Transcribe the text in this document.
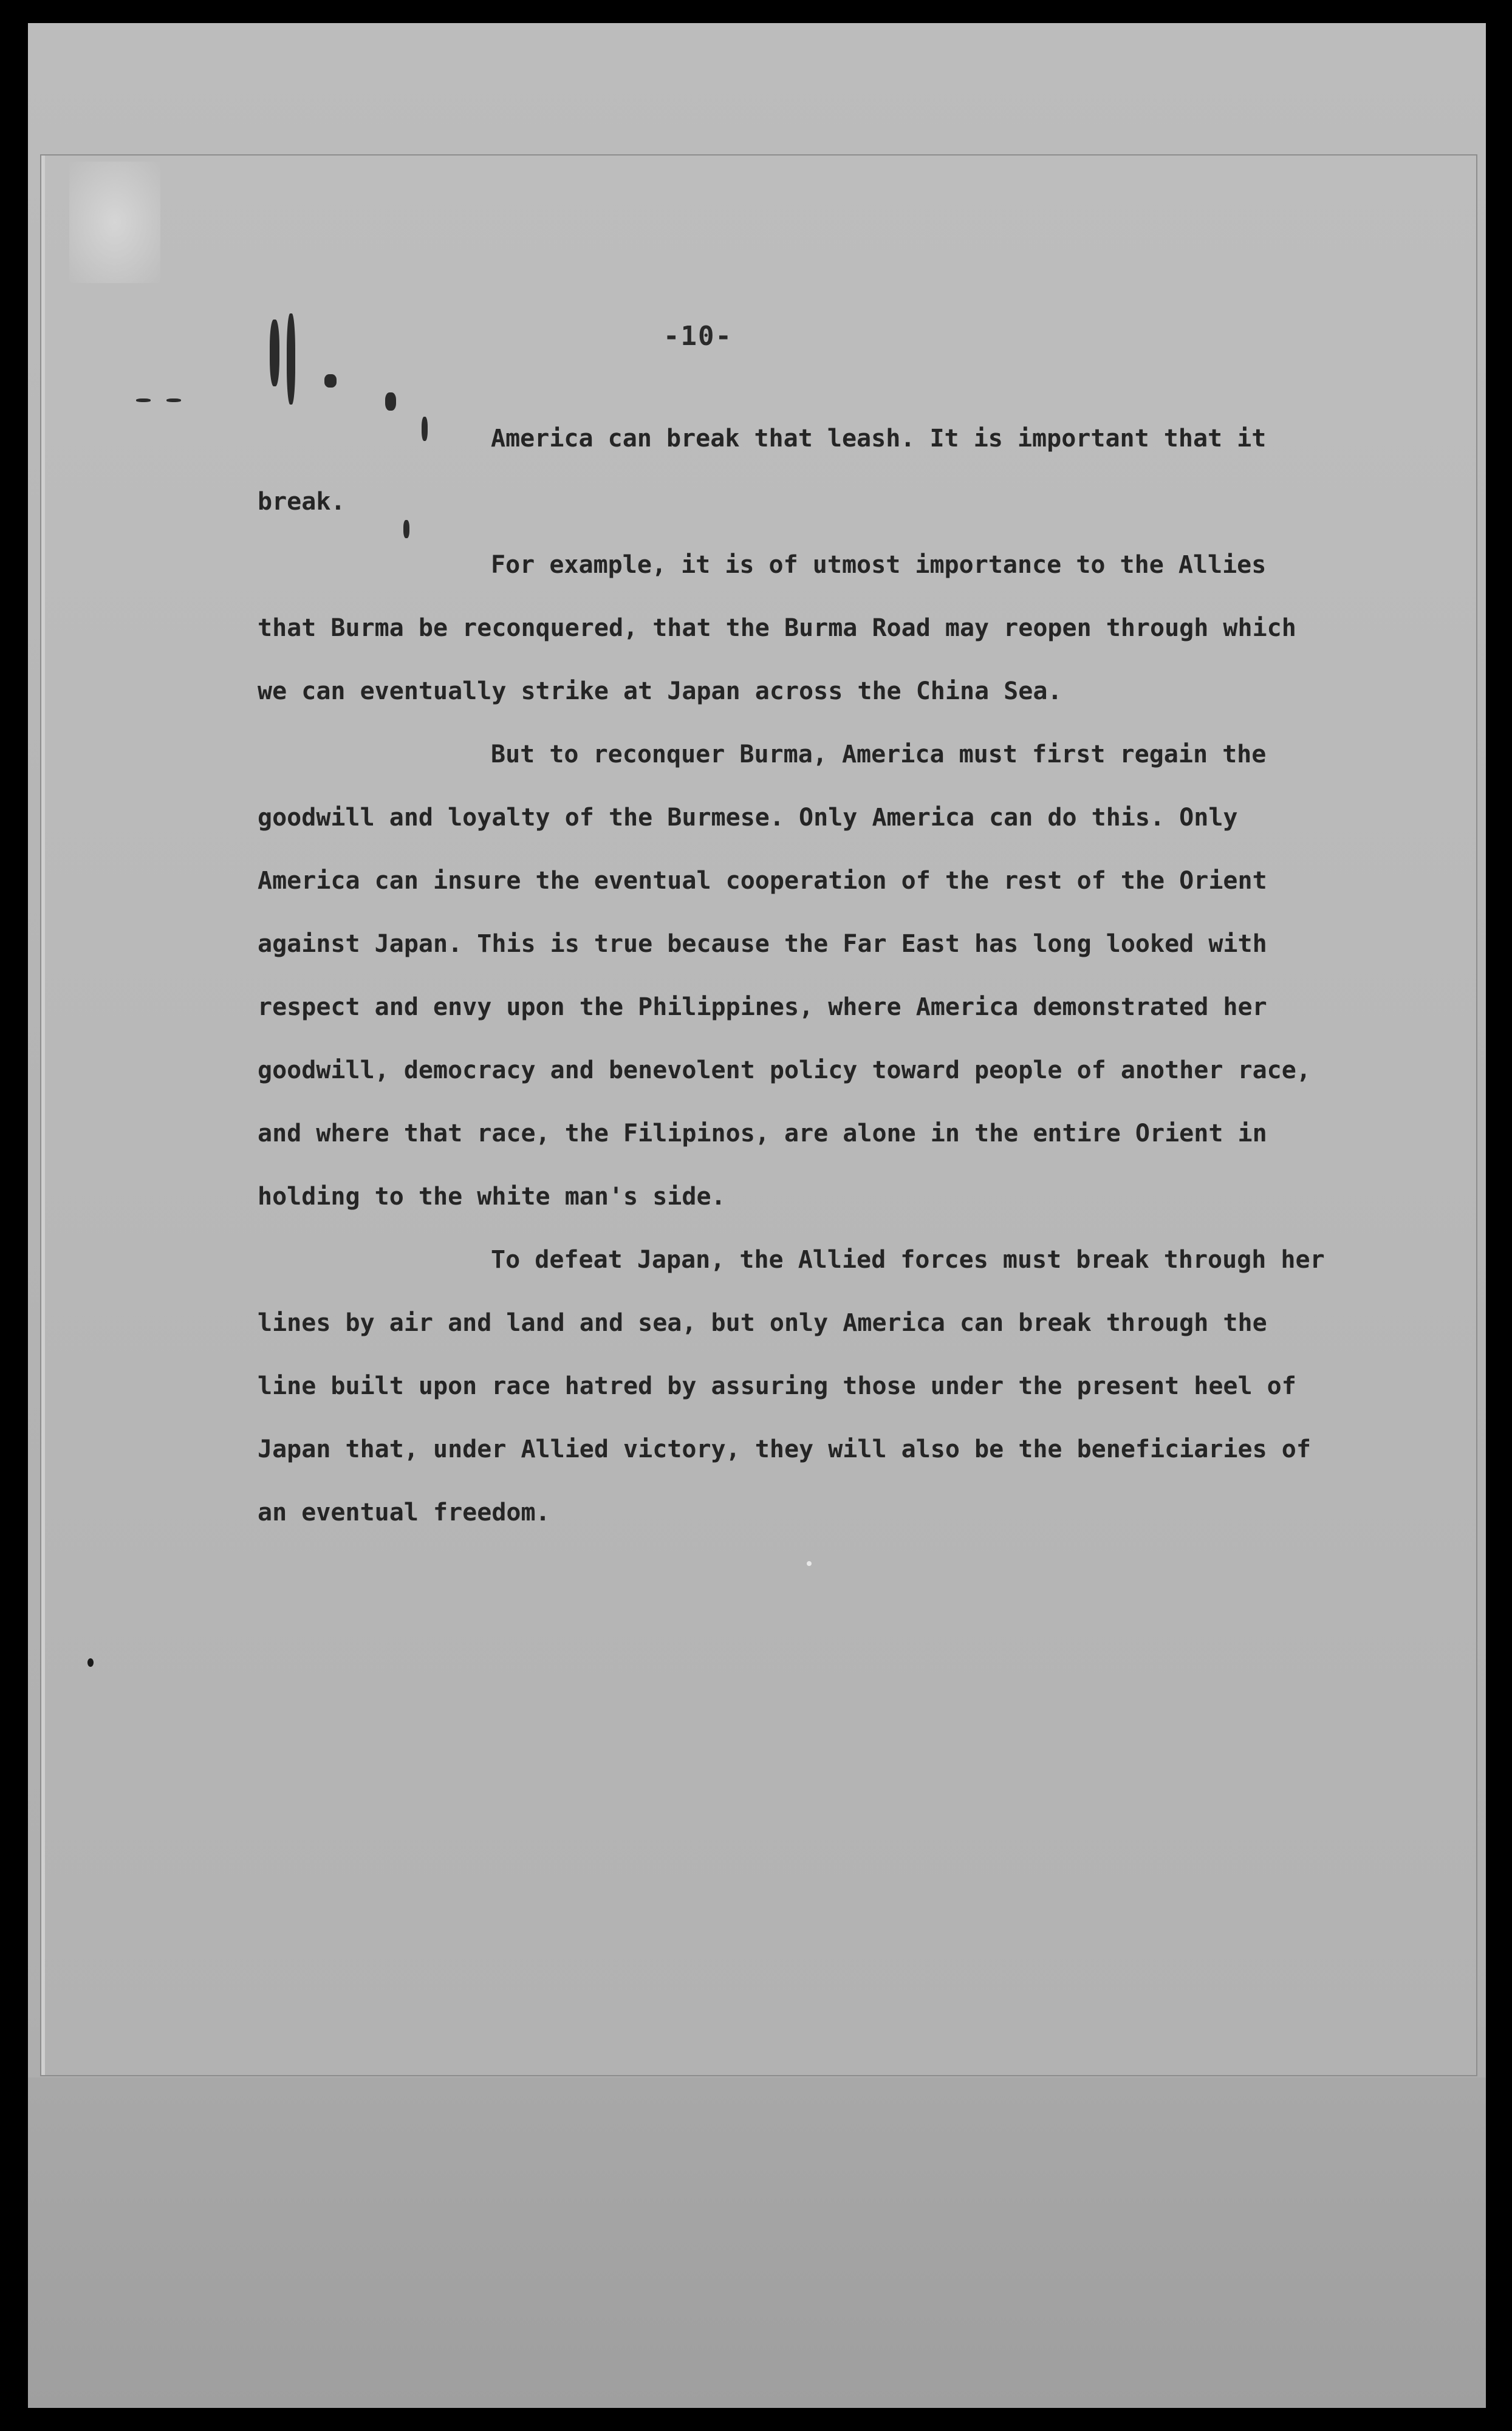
-10-

America can break that leash. It is important that it break.

For example, it is of utmost importance to the Allies that Burma be reconquered, that the Burma Road may reopen through which we can eventually strike at Japan across the China Sea.

But to reconquer Burma, America must first regain the goodwill and loyalty of the Burmese. Only America can do this. Only America can insure the eventual cooperation of the rest of the Orient against Japan. This is true because the Far East has long looked with respect and envy upon the Philippines, where America demonstrated her goodwill, democracy and benevolent policy toward people of another race, and where that race, the Filipinos, are alone in the entire Orient in holding to the white man's side.

To defeat Japan, the Allied forces must break through her lines by air and land and sea, but only America can break through the line built upon race hatred by assuring those under the present heel of Japan that, under Allied victory, they will also be the beneficiaries of an eventual freedom.
